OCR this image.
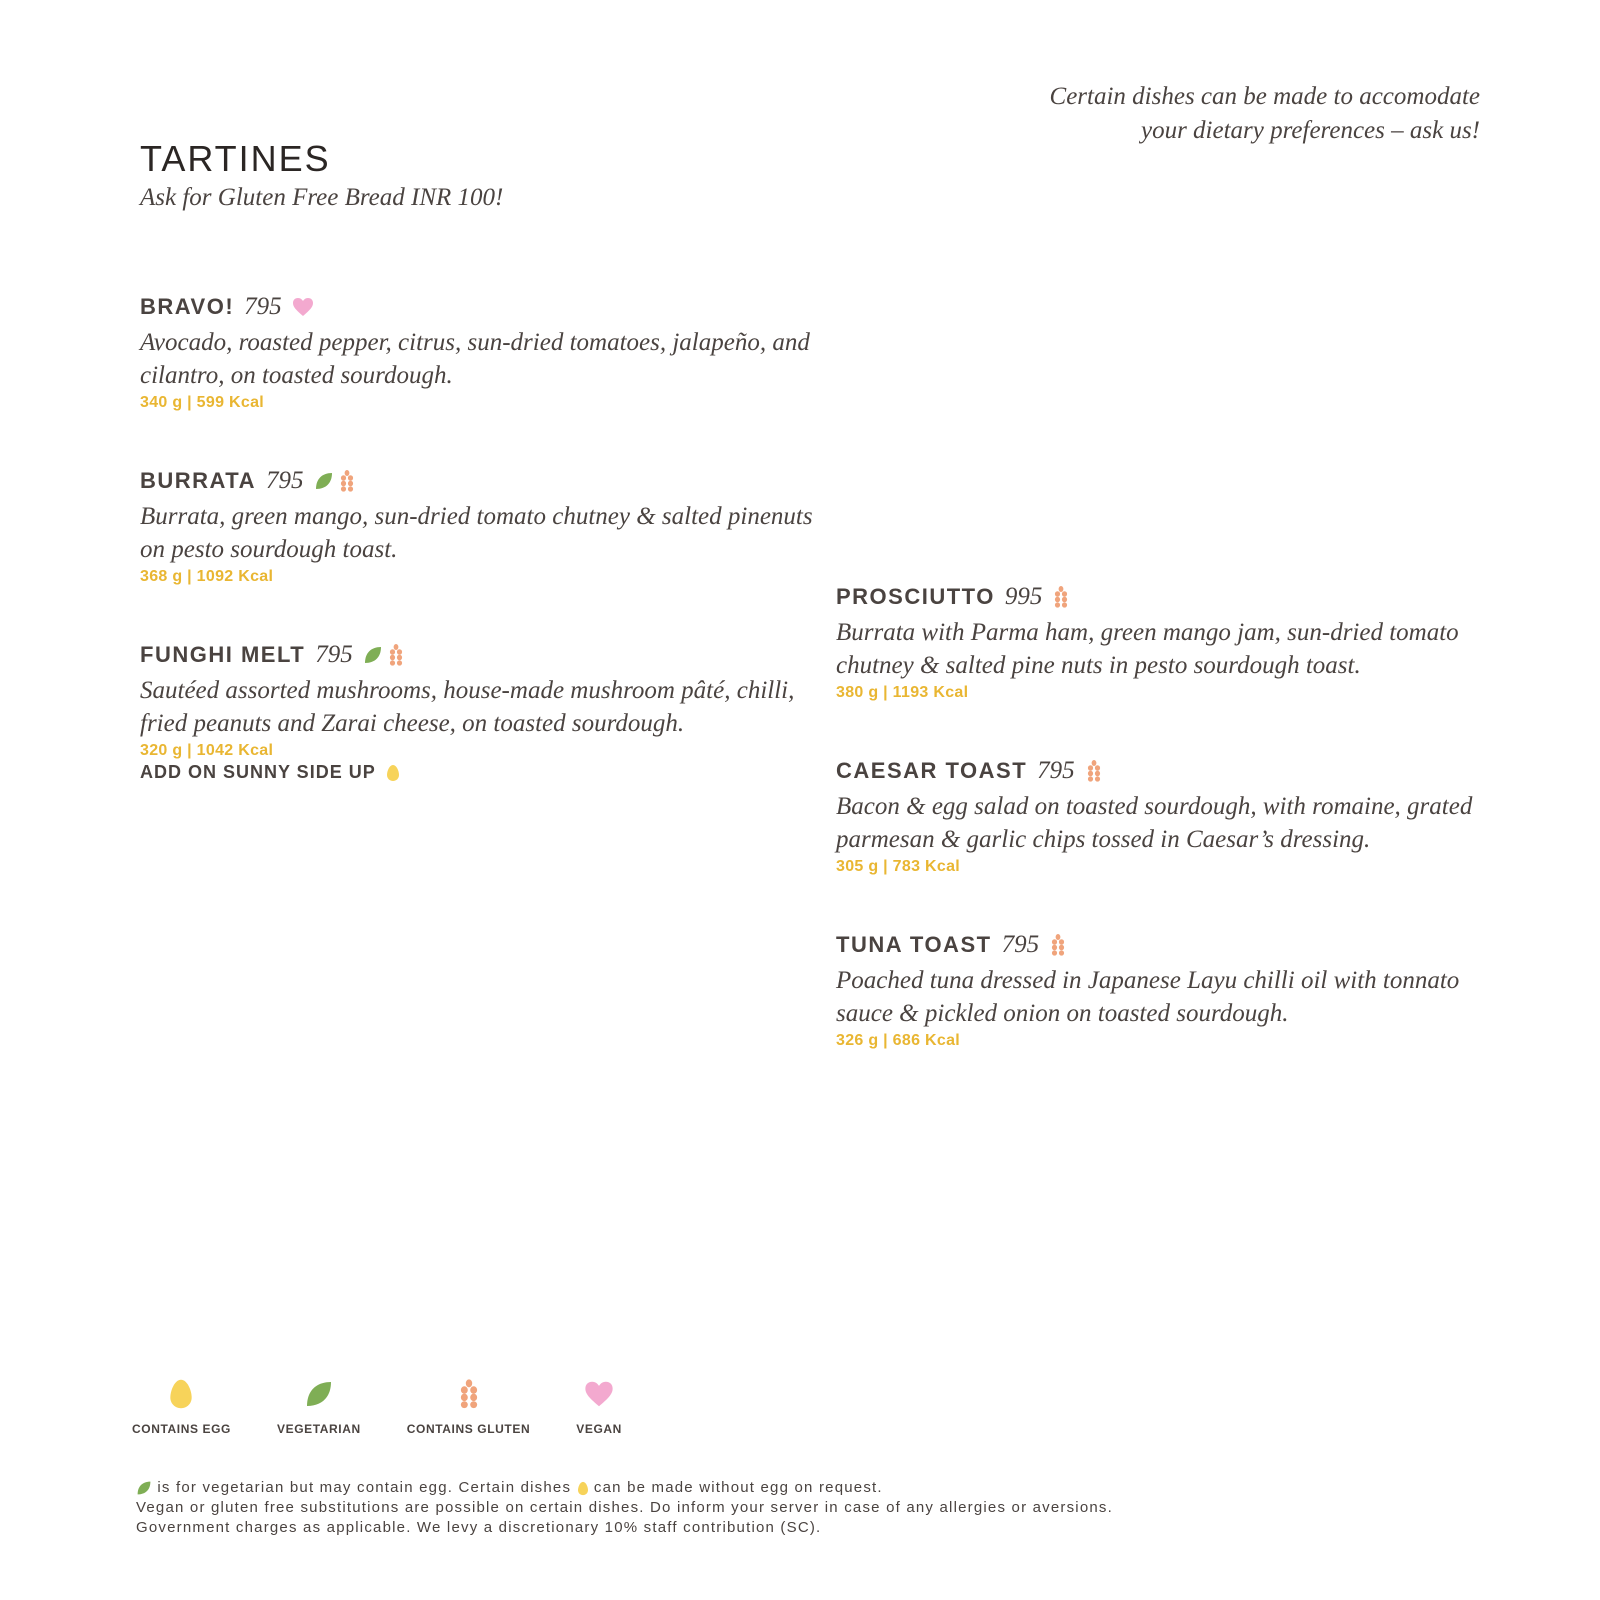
Certain dishes can be made to accomodate
your dietary preferences – ask us!
TARTINES
Ask for Gluten Free Bread INR 100!
BRAVO! 795
Avocado, roasted pepper, citrus, sun-dried tomatoes, jalapeño, and cilantro, on toasted sourdough.
340 g | 599 Kcal
BURRATA 795
Burrata, green mango, sun-dried tomato chutney & salted pinenuts on pesto sourdough toast.
368 g | 1092 Kcal
FUNGHI MELT 795
Sautéed assorted mushrooms, house-made mushroom pâté, chilli, fried peanuts and Zarai cheese, on toasted sourdough.
320 g | 1042 Kcal
ADD ON SUNNY SIDE UP
PROSCIUTTO 995
Burrata with Parma ham, green mango jam, sun-dried tomato chutney & salted pine nuts in pesto sourdough toast.
380 g | 1193 Kcal
CAESAR TOAST 795
Bacon & egg salad on toasted sourdough, with romaine, grated parmesan & garlic chips tossed in Caesar’s dressing.
305 g | 783 Kcal
TUNA TOAST 795
Poached tuna dressed in Japanese Layu chilli oil with tonnato sauce & pickled onion on toasted sourdough.
326 g | 686 Kcal
CONTAINS EGG	VEGETARIAN	CONTAINS GLUTEN	VEGAN
is for vegetarian but may contain egg. Certain dishes can be made without egg on request.
Vegan or gluten free substitutions are possible on certain dishes. Do inform your server in case of any allergies or aversions.
Government charges as applicable. We levy a discretionary 10% staff contribution (SC).
